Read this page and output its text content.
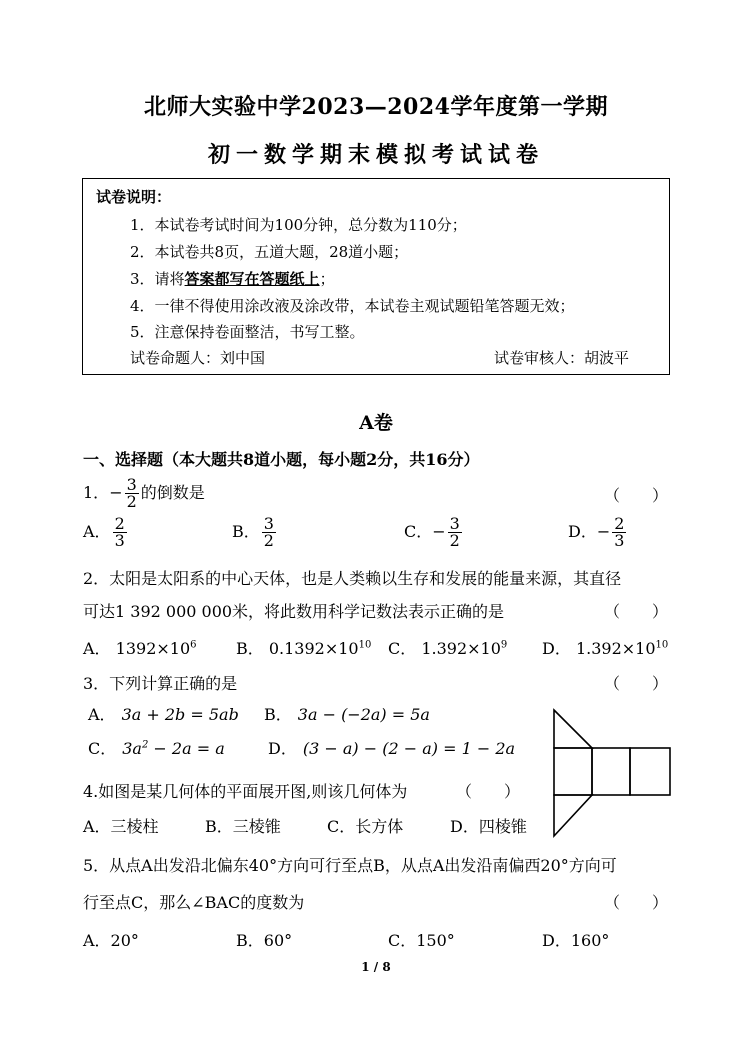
北师大实验中学2023—2024学年度第一学期
初一数学期末模拟考试试卷
试卷说明：
1．本试卷考试时间为100分钟，总分数为110分；
2．本试卷共8页，五道大题，28道小题；
3．请将答案都写在答题纸上；
4．一律不得使用涂改液及涂改带，本试卷主观试题铅笔答题无效；
5．注意保持卷面整洁，书写工整。
试卷命题人：刘中国	试卷审核人：胡波平
A卷
一、选择题（本大题共8道小题，每小题2分，共16分）
1．− $\frac{3}{2}$ 的倒数是	（　　）
A． $\frac{2}{3}$	B． $\frac{3}{2}$	C．− $\frac{3}{2}$	D．− $\frac{2}{3}$
2．太阳是太阳系的中心天体，也是人类赖以生存和发展的能量来源，其直径
可达1 392 000 000米，将此数用科学记数法表示正确的是	（　　）
A． $1392\times 10^6$ B． $0.1392\times 10^{10}$ C． $1.392\times 10^9$ D． $1.392\times 10^{10}$
3．下列计算正确的是	（　　）
A． 3a + 2b = 5ab B． 3a − (−2a) = 5a
C． $3a^2 - 2a = a$	D． (3 − a) − (2 − a) = 1 − 2a
4.如图是某几何体的平面展开图,则该几何体为	（　　）
A．三棱柱	B．三棱锥	C．长方体	D．四棱锥
5．从点A出发沿北偏东40°方向可行至点B，从点A出发沿南偏西20°方向可
行至点C，那么∠BAC的度数为	（　　）
A．20°	B．60°	C．150°	D．160°
1 / 8
